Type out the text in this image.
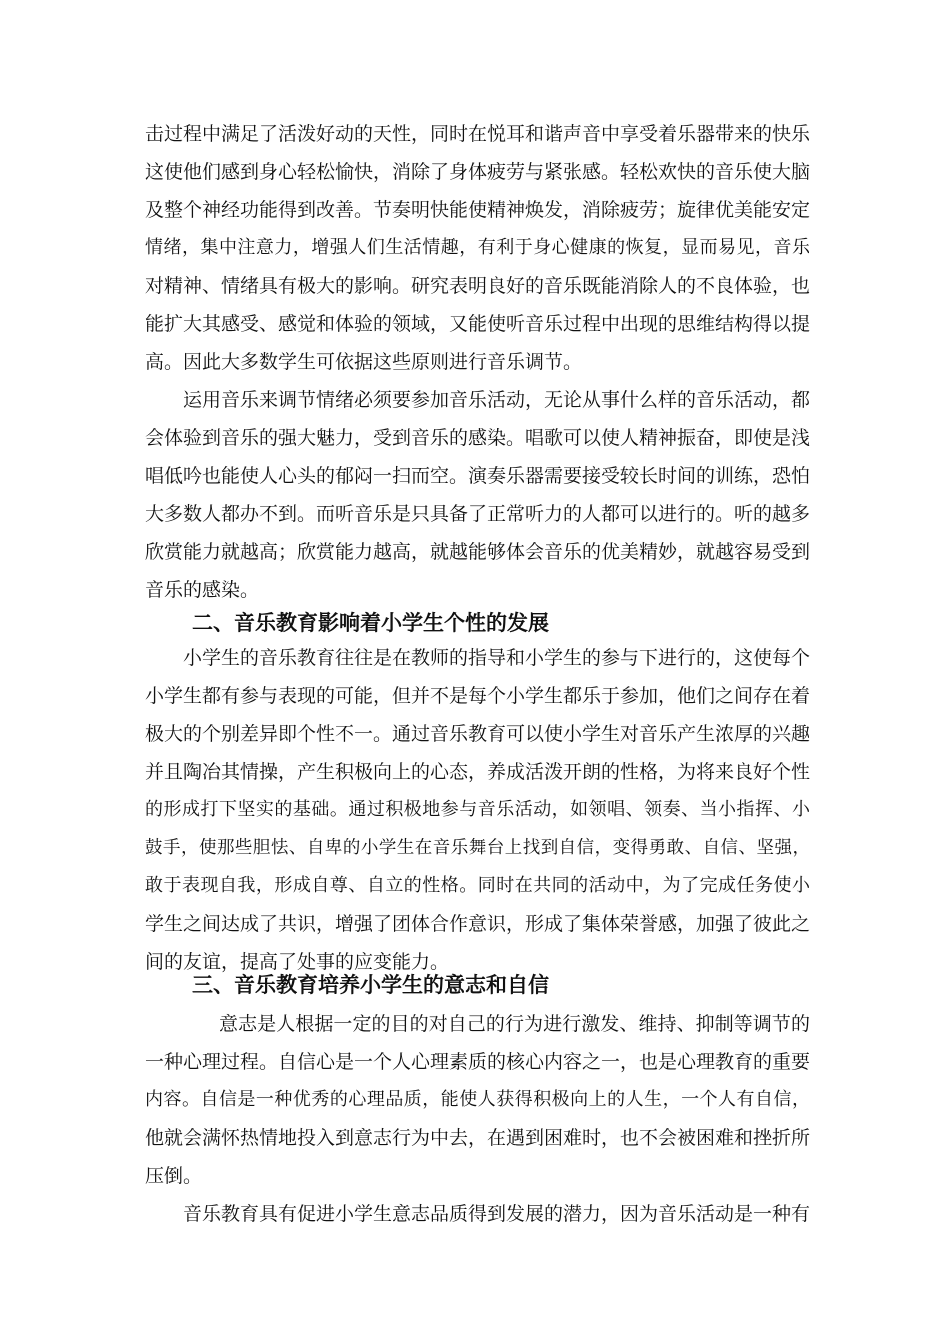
击过程中满足了活泼好动的天性，同时在悦耳和谐声音中享受着乐器带来的快乐
这使他们感到身心轻松愉快，消除了身体疲劳与紧张感。轻松欢快的音乐使大脑
及整个神经功能得到改善。节奏明快能使精神焕发，消除疲劳；旋律优美能安定
情绪，集中注意力，增强人们生活情趣，有利于身心健康的恢复，显而易见，音乐
对精神、情绪具有极大的影响。研究表明良好的音乐既能消除人的不良体验，也
能扩大其感受、感觉和体验的领域，又能使听音乐过程中出现的思维结构得以提
高。因此大多数学生可依据这些原则进行音乐调节。
运用音乐来调节情绪必须要参加音乐活动，无论从事什么样的音乐活动，都
会体验到音乐的强大魅力，受到音乐的感染。唱歌可以使人精神振奋，即使是浅
唱低吟也能使人心头的郁闷一扫而空。演奏乐器需要接受较长时间的训练，恐怕
大多数人都办不到。而听音乐是只具备了正常听力的人都可以进行的。听的越多
欣赏能力就越高；欣赏能力越高，就越能够体会音乐的优美精妙，就越容易受到
音乐的感染。
二、音乐教育影响着小学生个性的发展
小学生的音乐教育往往是在教师的指导和小学生的参与下进行的，这使每个
小学生都有参与表现的可能，但并不是每个小学生都乐于参加，他们之间存在着
极大的个别差异即个性不一。通过音乐教育可以使小学生对音乐产生浓厚的兴趣
并且陶冶其情操，产生积极向上的心态，养成活泼开朗的性格，为将来良好个性
的形成打下坚实的基础。通过积极地参与音乐活动，如领唱、领奏、当小指挥、小
鼓手，使那些胆怯、自卑的小学生在音乐舞台上找到自信，变得勇敢、自信、坚强，
敢于表现自我，形成自尊、自立的性格。同时在共同的活动中，为了完成任务使小
学生之间达成了共识，增强了团体合作意识，形成了集体荣誉感，加强了彼此之
间的友谊，提高了处事的应变能力。
三、音乐教育培养小学生的意志和自信
意志是人根据一定的目的对自己的行为进行激发、维持、抑制等调节的
一种心理过程。自信心是一个人心理素质的核心内容之一，也是心理教育的重要
内容。自信是一种优秀的心理品质，能使人获得积极向上的人生，一个人有自信，
他就会满怀热情地投入到意志行为中去，在遇到困难时，也不会被困难和挫折所
压倒。
音乐教育具有促进小学生意志品质得到发展的潜力，因为音乐活动是一种有
